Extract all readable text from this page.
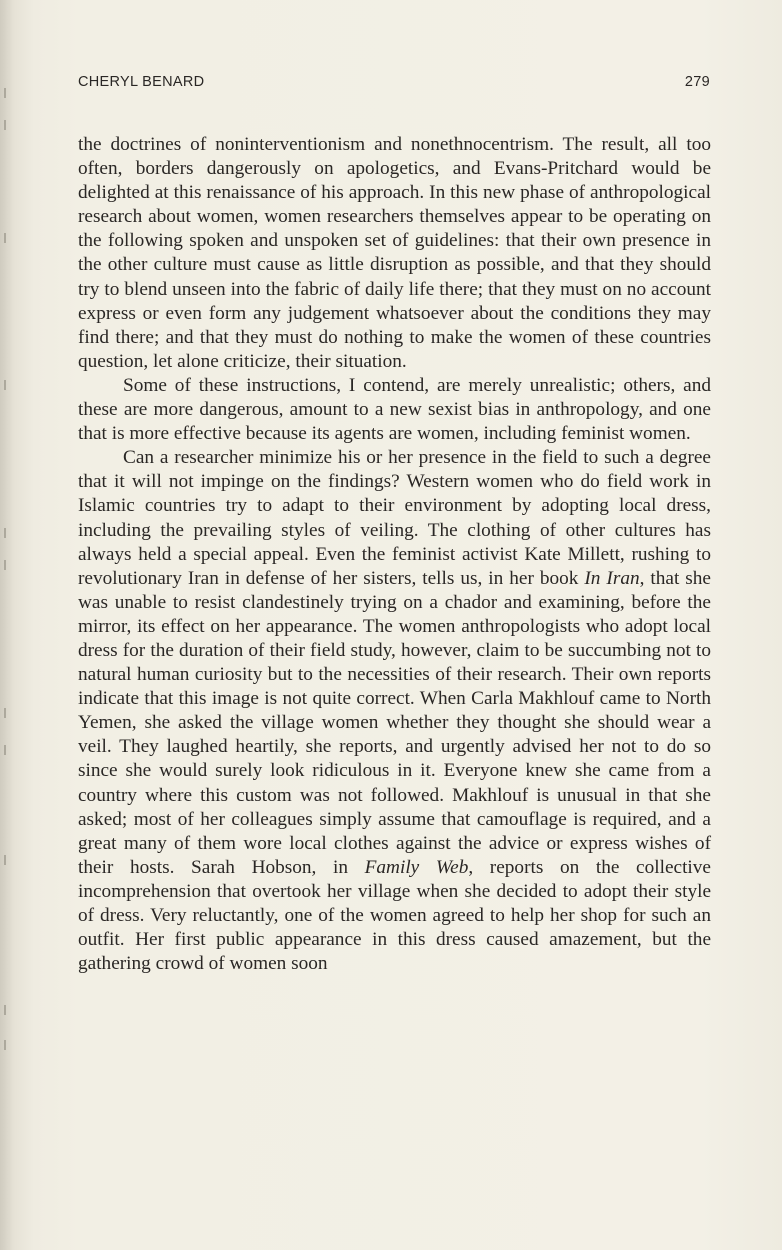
CHERYL BENARD	279

the doctrines of noninterventionism and nonethnocentrism. The result, all too often, borders dangerously on apologetics, and Evans-Pritchard would be delighted at this renaissance of his approach. In this new phase of anthropological research about women, women researchers themselves appear to be operating on the following spoken and unspoken set of guidelines: that their own presence in the other culture must cause as little disruption as possible, and that they should try to blend unseen into the fabric of daily life there; that they must on no account express or even form any judgement whatsoever about the conditions they may find there; and that they must do nothing to make the women of these countries question, let alone criticize, their situation.

Some of these instructions, I contend, are merely unrealistic; others, and these are more dangerous, amount to a new sexist bias in anthropology, and one that is more effective because its agents are women, including feminist women.

Can a researcher minimize his or her presence in the field to such a degree that it will not impinge on the findings? Western women who do field work in Islamic countries try to adapt to their environment by adopting local dress, including the prevailing styles of veiling. The clothing of other cultures has always held a special appeal. Even the feminist activist Kate Millett, rushing to revolutionary Iran in defense of her sisters, tells us, in her book In Iran, that she was unable to resist clandestinely trying on a chador and examining, before the mirror, its effect on her appearance. The women anthropologists who adopt local dress for the duration of their field study, however, claim to be succumbing not to natural human curiosity but to the necessities of their research. Their own reports indicate that this image is not quite correct. When Carla Makhlouf came to North Yemen, she asked the village women whether they thought she should wear a veil. They laughed heartily, she reports, and urgently advised her not to do so since she would surely look ridiculous in it. Everyone knew she came from a country where this custom was not followed. Makhlouf is unusual in that she asked; most of her colleagues simply assume that camouflage is required, and a great many of them wore local clothes against the advice or express wishes of their hosts. Sarah Hobson, in Family Web, reports on the collective incomprehension that overtook her village when she decided to adopt their style of dress. Very reluctantly, one of the women agreed to help her shop for such an outfit. Her first public appearance in this dress caused amazement, but the gathering crowd of women soon
